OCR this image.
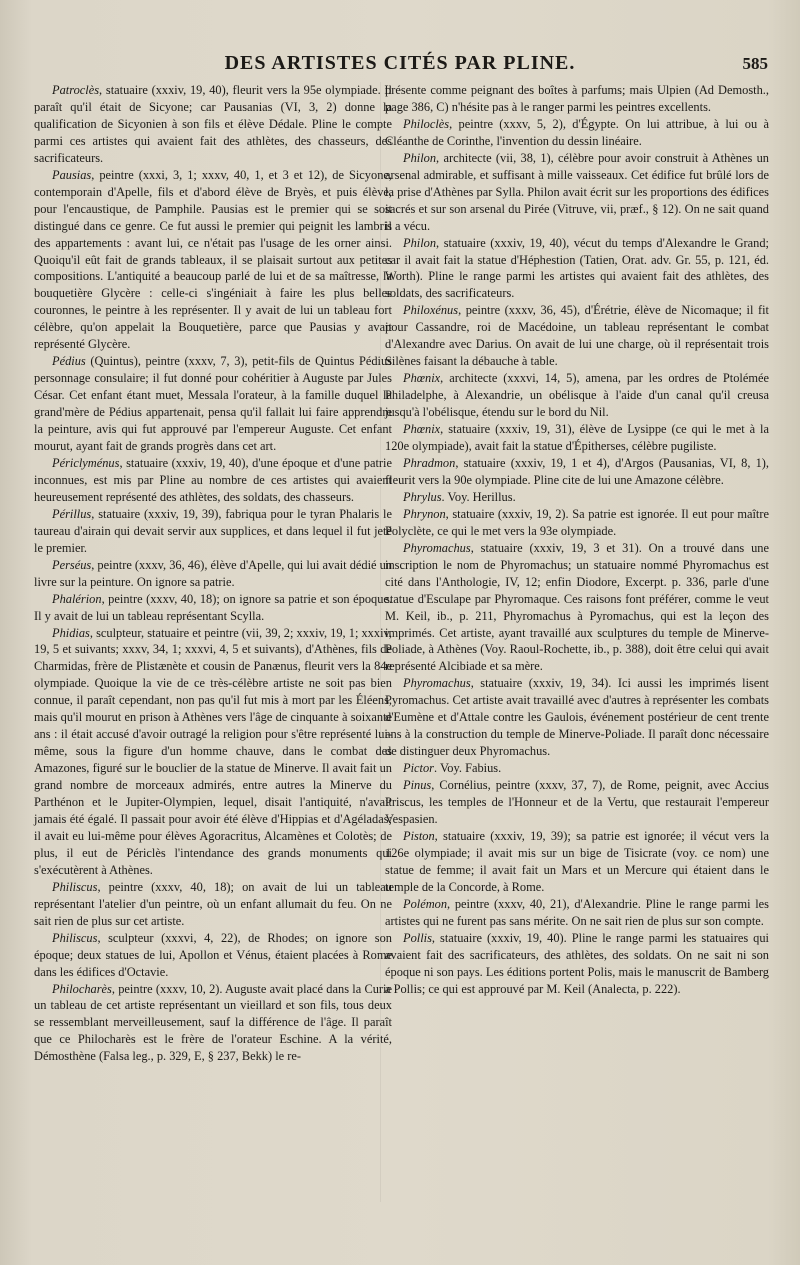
DES ARTISTES CITÉS PAR PLINE.	585

Patroclès, statuaire (xxxiv, 19, 40), fleurit vers la 95e olympiade. Il paraît qu'il était de Sicyone; car Pausanias (VI, 3, 2) donne la qualification de Sicyonien à son fils et élève Dédale. Pline le compte parmi ces artistes qui avaient fait des athlètes, des chasseurs, des sacrificateurs.

Pausias, peintre (xxxi, 3, 1; xxxv, 40, 1, et 3 et 12), de Sicyone, contemporain d'Apelle, fils et d'abord élève de Bryès, et puis élève, pour l'encaustique, de Pamphile. Pausias est le premier qui se soit distingué dans ce genre. Ce fut aussi le premier qui peignit les lambris des appartements : avant lui, ce n'était pas l'usage de les orner ainsi. Quoiqu'il eût fait de grands tableaux, il se plaisait surtout aux petites compositions. L'antiquité a beaucoup parlé de lui et de sa maîtresse, la bouquetière Glycère : celle-ci s'ingéniait à faire les plus belles couronnes, le peintre à les représenter. Il y avait de lui un tableau fort célèbre, qu'on appelait la Bouquetière, parce que Pausias y avait représenté Glycère.

Pédius (Quintus), peintre (xxxv, 7, 3), petit-fils de Quintus Pédius personnage consulaire; il fut donné pour cohéritier à Auguste par Jules César. Cet enfant étant muet, Messala l'orateur, à la famille duquel la grand'mère de Pédius appartenait, pensa qu'il fallait lui faire apprendre la peinture, avis qui fut approuvé par l'empereur Auguste. Cet enfant mourut, ayant fait de grands progrès dans cet art.

Périclyménus, statuaire (xxxiv, 19, 40), d'une époque et d'une patrie inconnues, est mis par Pline au nombre de ces artistes qui avaient heureusement représenté des athlètes, des soldats, des chasseurs.

Périllus, statuaire (xxxiv, 19, 39), fabriqua pour le tyran Phalaris le taureau d'airain qui devait servir aux supplices, et dans lequel il fut jeté le premier.

Perséus, peintre (xxxv, 36, 46), élève d'Apelle, qui lui avait dédié un livre sur la peinture. On ignore sa patrie.

Phalérion, peintre (xxxv, 40, 18); on ignore sa patrie et son époque. Il y avait de lui un tableau représentant Scylla.

Phidias, sculpteur, statuaire et peintre (vii, 39, 2; xxxiv, 19, 1; xxxiv, 19, 5 et suivants; xxxv, 34, 1; xxxvi, 4, 5 et suivants), d'Athènes, fils de Charmidas, frère de Plistænète et cousin de Panænus, fleurit vers la 84e olympiade. Quoique la vie de ce très-célèbre artiste ne soit pas bien connue, il paraît cependant, non pas qu'il fut mis à mort par les Éléens, mais qu'il mourut en prison à Athènes vers l'âge de cinquante à soixante ans : il était accusé d'avoir outragé la religion pour s'être représenté lui-même, sous la figure d'un homme chauve, dans le combat des Amazones, figuré sur le bouclier de la statue de Minerve. Il avait fait un grand nombre de morceaux admirés, entre autres la Minerve du Parthénon et le Jupiter-Olympien, lequel, disait l'antiquité, n'avait jamais été égalé. Il passait pour avoir été élève d'Hippias et d'Agéladas; il avait eu lui-même pour élèves Agoracritus, Alcamènes et Colotès; de plus, il eut de Périclès l'intendance des grands monuments qui s'exécutèrent à Athènes.

Philiscus, peintre (xxxv, 40, 18); on avait de lui un tableau représentant l'atelier d'un peintre, où un enfant allumait du feu. On ne sait rien de plus sur cet artiste.

Philiscus, sculpteur (xxxvi, 4, 22), de Rhodes; on ignore son époque; deux statues de lui, Apollon et Vénus, étaient placées à Rome dans les édifices d'Octavie.

Philocharès, peintre (xxxv, 10, 2). Auguste avait placé dans la Curie un tableau de cet artiste représentant un vieillard et son fils, tous deux se ressemblant merveilleusement, sauf la différence de l'âge. Il paraît que ce Philocharès est le frère de l'orateur Eschine. A la vérité, Démosthène (Falsa leg., p. 329, E, § 237, Bekk) le re-

présente comme peignant des boîtes à parfums; mais Ulpien (Ad Demosth., page 386, C) n'hésite pas à le ranger parmi les peintres excellents.

Philoclès, peintre (xxxv, 5, 2), d'Égypte. On lui attribue, à lui ou à Cléanthe de Corinthe, l'invention du dessin linéaire.

Philon, architecte (vii, 38, 1), célèbre pour avoir construit à Athènes un arsenal admirable, et suffisant à mille vaisseaux. Cet édifice fut brûlé lors de la prise d'Athènes par Sylla. Philon avait écrit sur les proportions des édifices sacrés et sur son arsenal du Pirée (Vitruve, vii, præf., § 12). On ne sait quand il a vécu.

Philon, statuaire (xxxiv, 19, 40), vécut du temps d'Alexandre le Grand; car il avait fait la statue d'Héphestion (Tatien, Orat. adv. Gr. 55, p. 121, éd. Worth). Pline le range parmi les artistes qui avaient fait des athlètes, des soldats, des sacrificateurs.

Philoxénus, peintre (xxxv, 36, 45), d'Érétrie, élève de Nicomaque; il fit pour Cassandre, roi de Macédoine, un tableau représentant le combat d'Alexandre avec Darius. On avait de lui une charge, où il représentait trois Silènes faisant la débauche à table.

Phœnix, architecte (xxxvi, 14, 5), amena, par les ordres de Ptolémée Philadelphe, à Alexandrie, un obélisque à l'aide d'un canal qu'il creusa jusqu'à l'obélisque, étendu sur le bord du Nil.

Phœnix, statuaire (xxxiv, 19, 31), élève de Lysippe (ce qui le met à la 120e olympiade), avait fait la statue d'Épitherses, célèbre pugiliste.

Phradmon, statuaire (xxxiv, 19, 1 et 4), d'Argos (Pausanias, VI, 8, 1), fleurit vers la 90e olympiade. Pline cite de lui une Amazone célèbre.

Phrylus. Voy. Herillus.

Phrynon, statuaire (xxxiv, 19, 2). Sa patrie est ignorée. Il eut pour maître Polyclète, ce qui le met vers la 93e olympiade.

Phyromachus, statuaire (xxxiv, 19, 3 et 31). On a trouvé dans une inscription le nom de Phyromachus; un statuaire nommé Phyromachus est cité dans l'Anthologie, IV, 12; enfin Diodore, Excerpt. p. 336, parle d'une statue d'Esculape par Phyromaque. Ces raisons font préférer, comme le veut M. Keil, ib., p. 211, Phyromachus à Pyromachus, qui est la leçon des imprimés. Cet artiste, ayant travaillé aux sculptures du temple de Minerve-Poliade, à Athènes (Voy. Raoul-Rochette, ib., p. 388), doit être celui qui avait représenté Alcibiade et sa mère.

Phyromachus, statuaire (xxxiv, 19, 34). Ici aussi les imprimés lisent Pyromachus. Cet artiste avait travaillé avec d'autres à représenter les combats d'Eumène et d'Attale contre les Gaulois, événement postérieur de cent trente ans à la construction du temple de Minerve-Poliade. Il paraît donc nécessaire de distinguer deux Phyromachus.

Pictor. Voy. Fabius.

Pinus, Cornélius, peintre (xxxv, 37, 7), de Rome, peignit, avec Accius Priscus, les temples de l'Honneur et de la Vertu, que restaurait l'empereur Vespasien.

Piston, statuaire (xxxiv, 19, 39); sa patrie est ignorée; il vécut vers la 126e olympiade; il avait mis sur un bige de Tisicrate (voy. ce nom) une statue de femme; il avait fait un Mars et un Mercure qui étaient dans le temple de la Concorde, à Rome.

Polémon, peintre (xxxv, 40, 21), d'Alexandrie. Pline le range parmi les artistes qui ne furent pas sans mérite. On ne sait rien de plus sur son compte.

Pollis, statuaire (xxxiv, 19, 40). Pline le range parmi les statuaires qui avaient fait des sacrificateurs, des athlètes, des soldats. On ne sait ni son époque ni son pays. Les éditions portent Polis, mais le manuscrit de Bamberg a Pollis; ce qui est approuvé par M. Keil (Analecta, p. 222).
